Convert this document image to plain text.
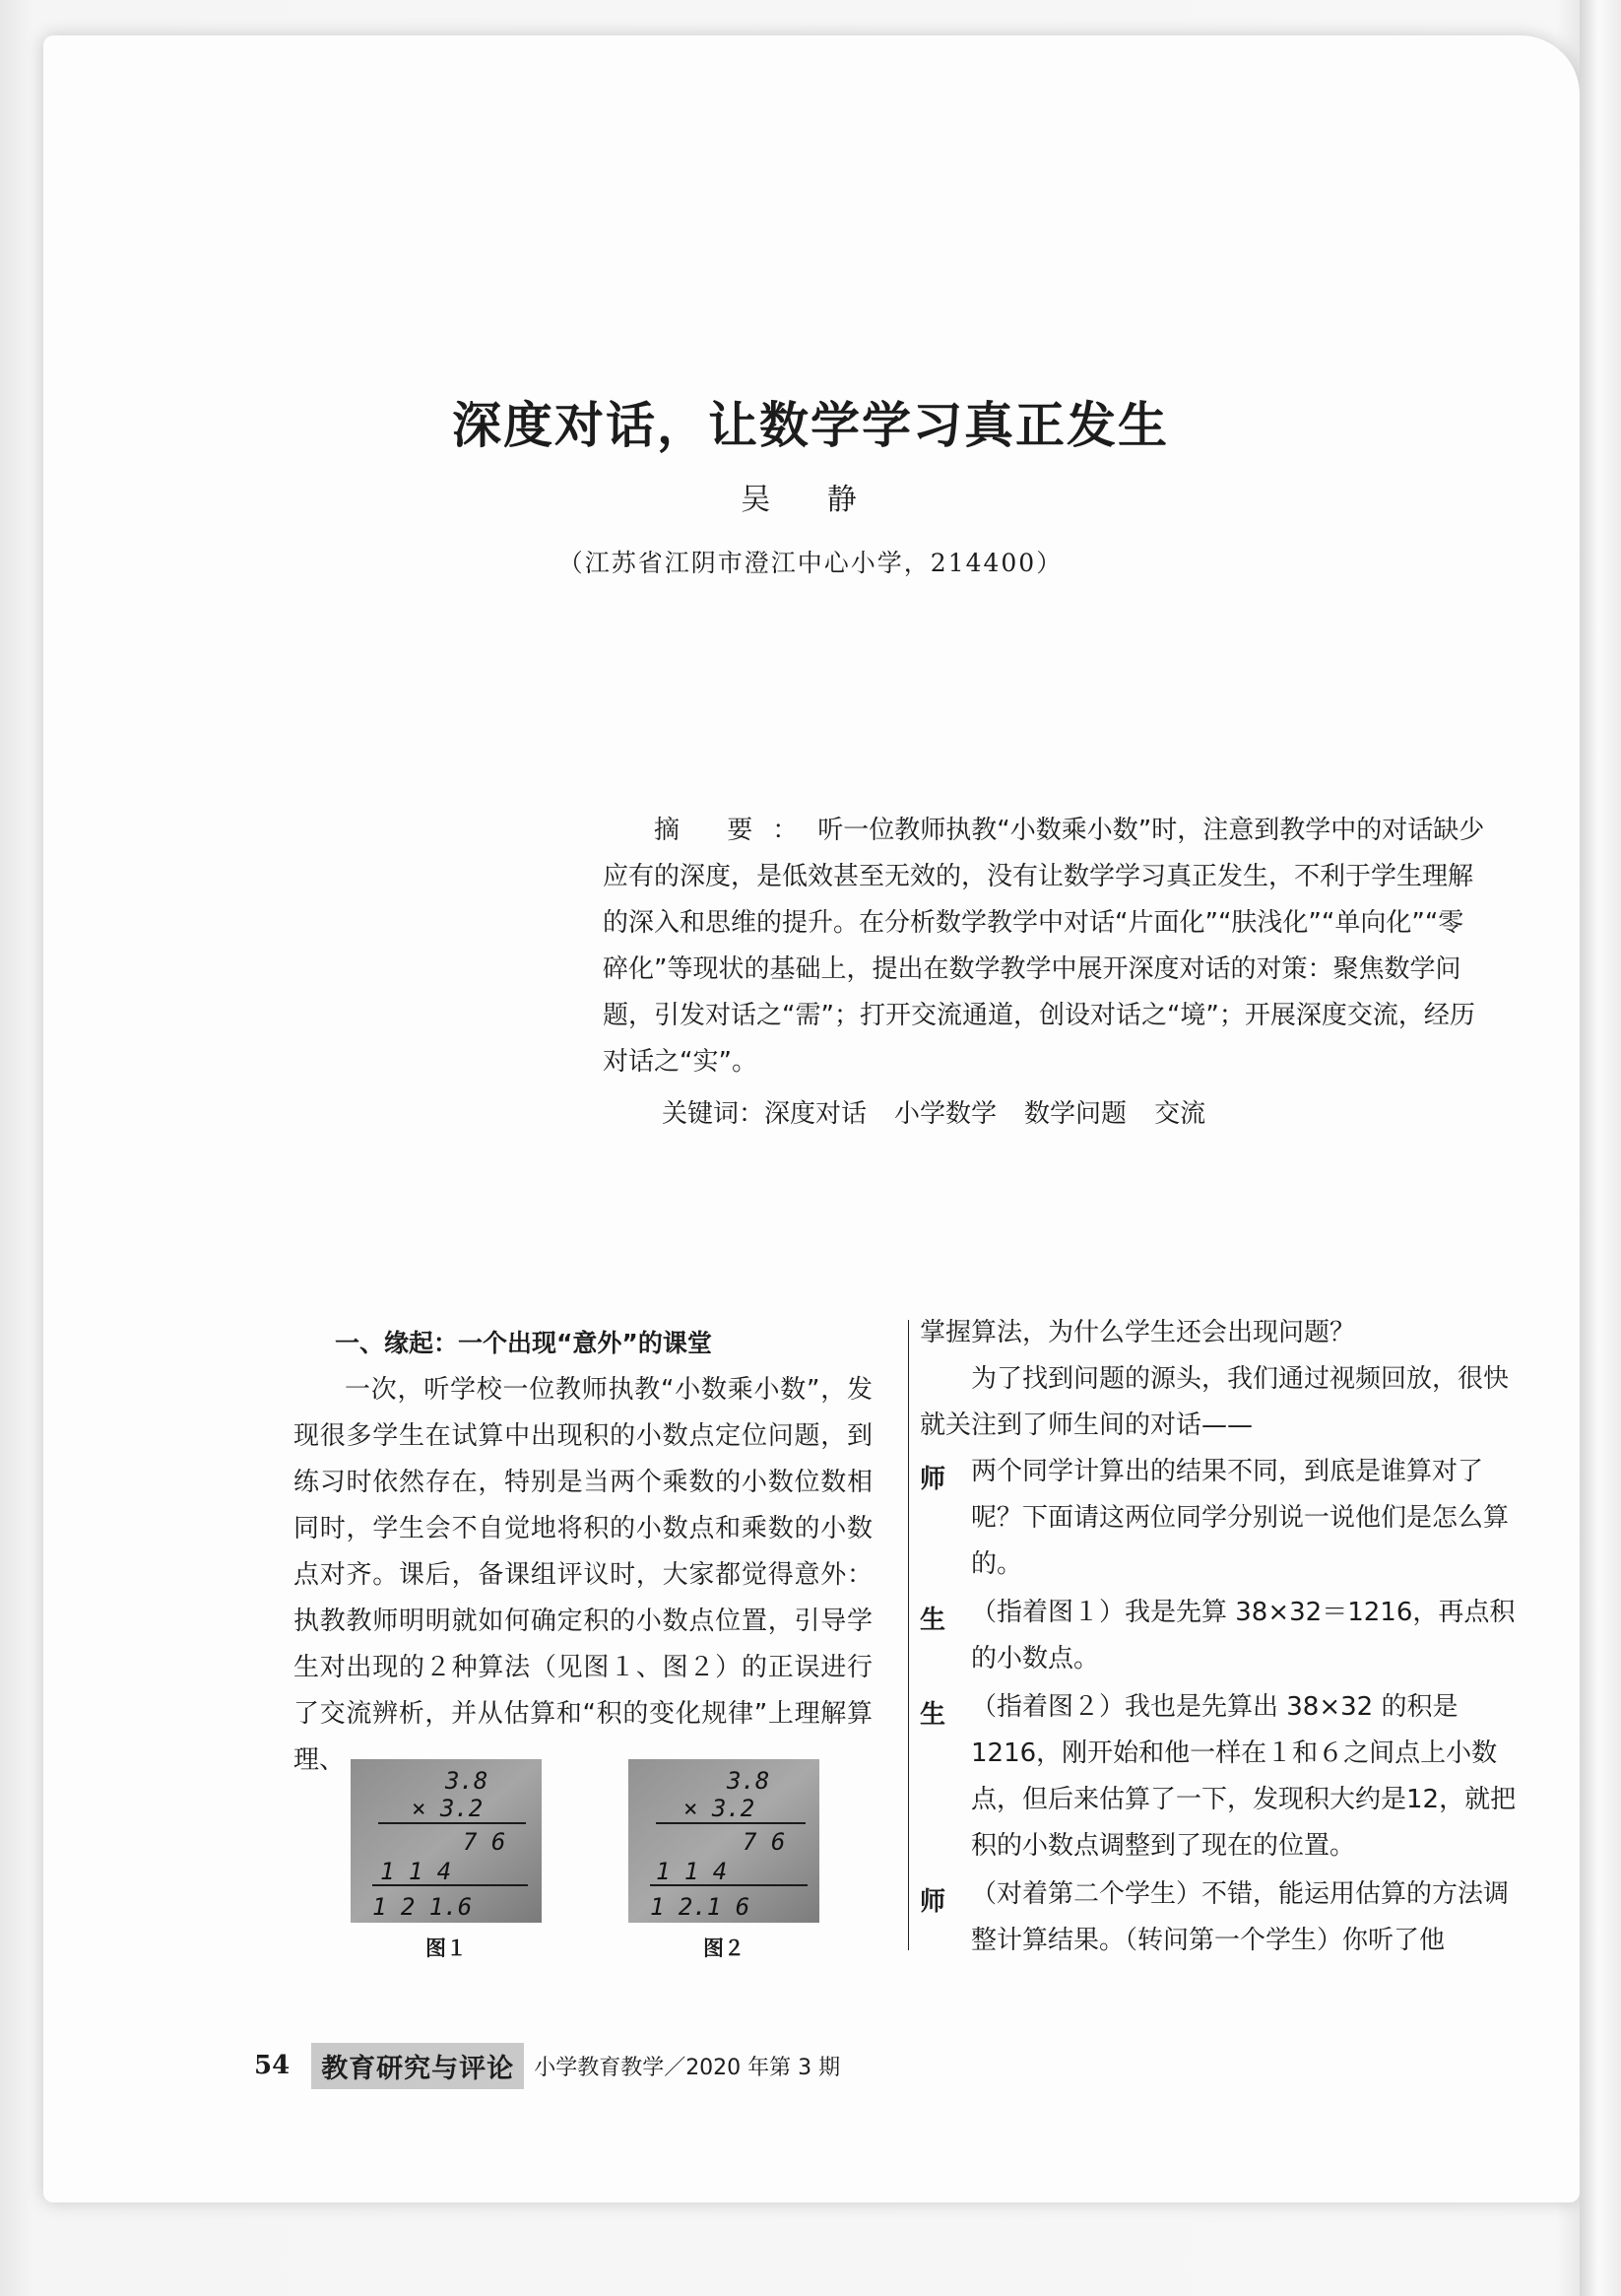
深度对话，让数学学习真正发生
吴 静
（江苏省江阴市澄江中心小学，214400）

摘 要：听一位教师执教“小数乘小数”时，注意到教学中的对话缺少应有的深度，是低效甚至无效的，没有让数学学习真正发生，不利于学生理解的深入和思维的提升。在分析数学教学中对话“片面化”“肤浅化”“单向化”“零碎化”等现状的基础上，提出在数学教学中展开深度对话的对策：聚焦数学问题，引发对话之“需”；打开交流通道，创设对话之“境”；开展深度交流，经历对话之“实”。

关键词：深度对话 小学数学 数学问题 交流

一、缘起：一个出现“意外”的课堂

一次，听学校一位教师执教“小数乘小数”，发现很多学生在试算中出现积的小数点定位问题，到练习时依然存在，特别是当两个乘数的小数位数相同时，学生会不自觉地将积的小数点和乘数的小数点对齐。课后，备课组评议时，大家都觉得意外：执教教师明明就如何确定积的小数点位置，引导学生对出现的２种算法（见图１、图２）的正误进行了交流辨析，并从估算和“积的变化规律”上理解算理、

3.8
× 3.2
7 6
1 1 4
1 2 1.6
图１
3.8
× 3.2
7 6
1 1 4
1 2.1 6
图２

掌握算法，为什么学生还会出现问题？

为了找到问题的源头，我们通过视频回放，很快就关注到了师生间的对话——

师 两个同学计算出的结果不同，到底是谁算对了呢？下面请这两位同学分别说一说他们是怎么算的。
生 （指着图１）我是先算 38×32＝1216，再点积的小数点。
生 （指着图２）我也是先算出 38×32 的积是1216，刚开始和他一样在１和６之间点上小数点，但后来估算了一下，发现积大约是12，就把积的小数点调整到了现在的位置。
师 （对着第二个学生）不错，能运用估算的方法调整计算结果。（转问第一个学生）你听了他
54	教育研究与评论 小学教育教学／2020 年第 3 期
